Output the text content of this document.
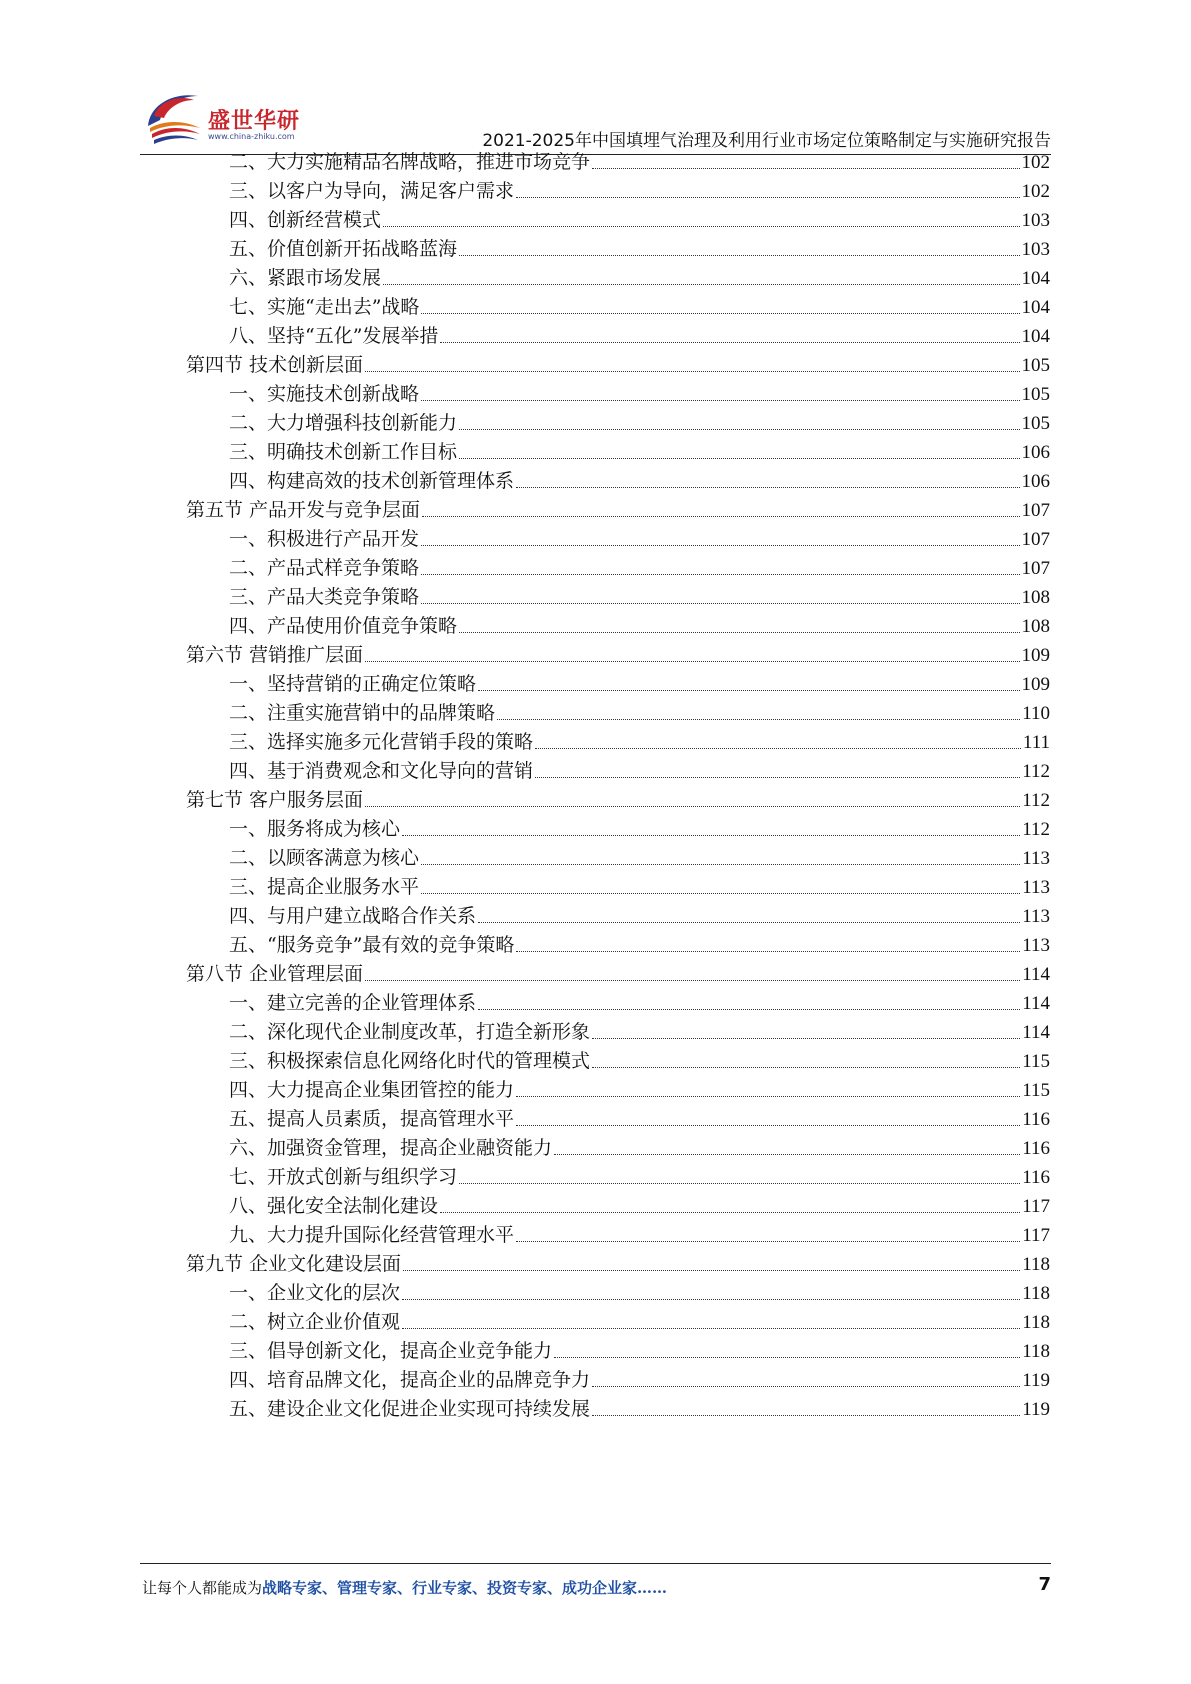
盛世华研
www.china-zhiku.com	2021-2025年中国填埋气治理及利用行业市场定位策略制定与实施研究报告
二、大力实施精品名牌战略，推进市场竞争	102
三、以客户为导向，满足客户需求	102
四、创新经营模式	103
五、价值创新开拓战略蓝海	103
六、紧跟市场发展	104
七、实施“走出去”战略	104
八、坚持“五化”发展举措	104
第四节 技术创新层面	105
一、实施技术创新战略	105
二、大力增强科技创新能力	105
三、明确技术创新工作目标	106
四、构建高效的技术创新管理体系	106
第五节 产品开发与竞争层面	107
一、积极进行产品开发	107
二、产品式样竞争策略	107
三、产品大类竞争策略	108
四、产品使用价值竞争策略	108
第六节 营销推广层面	109
一、坚持营销的正确定位策略	109
二、注重实施营销中的品牌策略	110
三、选择实施多元化营销手段的策略	111
四、基于消费观念和文化导向的营销	112
第七节 客户服务层面	112
一、服务将成为核心	112
二、以顾客满意为核心	113
三、提高企业服务水平	113
四、与用户建立战略合作关系	113
五、“服务竞争”最有效的竞争策略	113
第八节 企业管理层面	114
一、建立完善的企业管理体系	114
二、深化现代企业制度改革，打造全新形象	114
三、积极探索信息化网络化时代的管理模式	115
四、大力提高企业集团管控的能力	115
五、提高人员素质，提高管理水平	116
六、加强资金管理，提高企业融资能力	116
七、开放式创新与组织学习	116
八、强化安全法制化建设	117
九、大力提升国际化经营管理水平	117
第九节 企业文化建设层面	118
一、企业文化的层次	118
二、树立企业价值观	118
三、倡导创新文化，提高企业竞争能力	118
四、培育品牌文化，提高企业的品牌竞争力	119
五、建设企业文化促进企业实现可持续发展	119
让每个人都能成为战略专家、管理专家、行业专家、投资专家、成功企业家……	7
